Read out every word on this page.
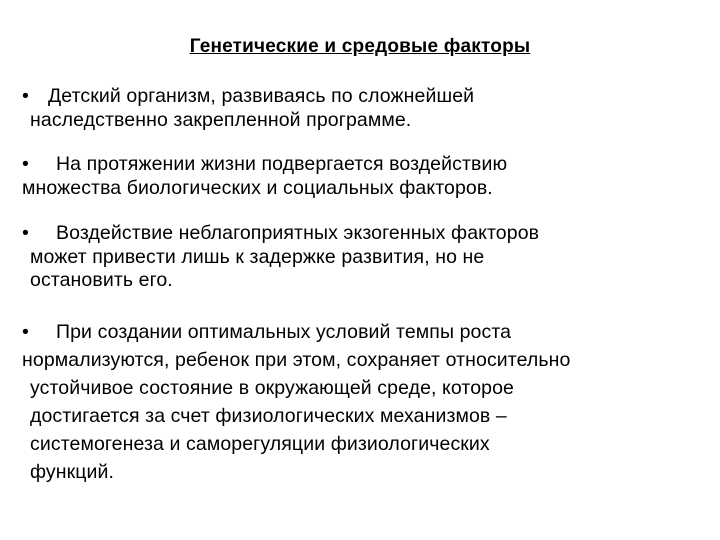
Генетические и средовые факторы
• Детский организм, развиваясь по сложнейшей
наследственно закрепленной программе.
• На протяжении жизни подвергается воздействию
множества биологических и социальных факторов.
• Воздействие неблагоприятных экзогенных факторов
может привести лишь к задержке развития, но не
остановить его.
• При создании оптимальных условий темпы роста
нормализуются, ребенок при этом, сохраняет относительно
устойчивое состояние в окружающей среде, которое
достигается за счет физиологических механизмов –
системогенеза и саморегуляции физиологических
функций.
